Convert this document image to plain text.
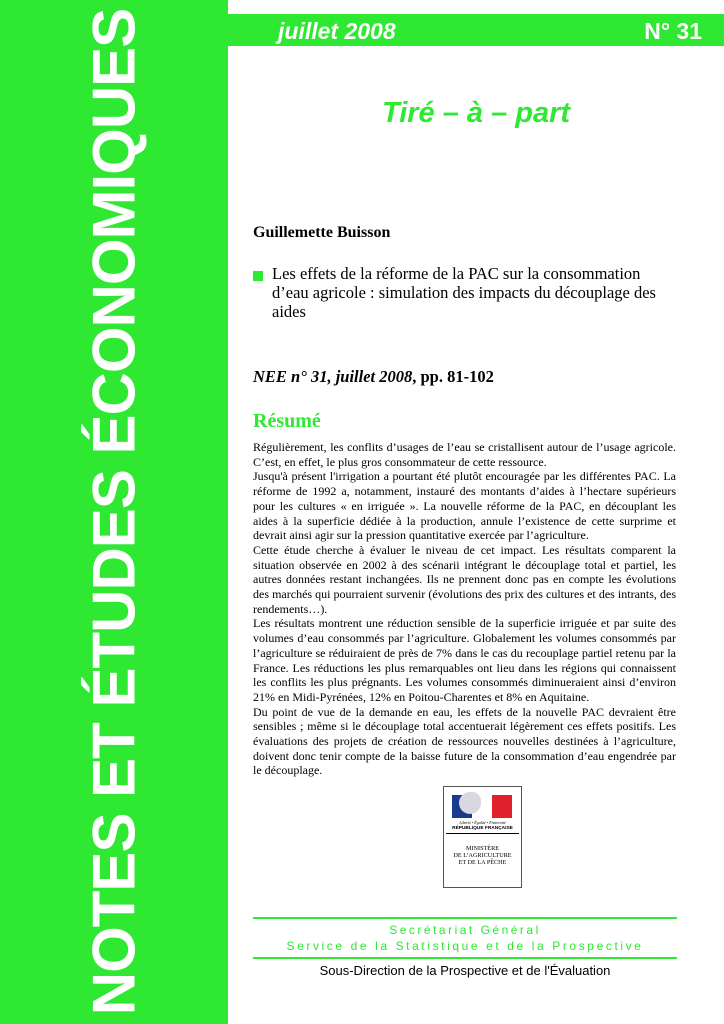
NOTES ET ÉTUDES ÉCONOMIQUES	juillet 2008	N° 31
Tiré – à – part
Guillemette Buisson
Les effets de la réforme de la PAC sur la consommation d’eau agricole : simulation des impacts du découplage des aides
NEE n° 31, juillet 2008, pp. 81-102
Résumé

Régulièrement, les conflits d’usages de l’eau se cristallisent autour de l’usage agricole. C’est, en effet, le plus gros consommateur de cette ressource.

Jusqu'à présent l'irrigation a pourtant été plutôt encouragée par les différentes PAC. La réforme de 1992 a, notamment, instauré des montants d’aides à l’hectare supérieurs pour les cultures « en irriguée ». La nouvelle réforme de la PAC, en découplant les aides à la superficie dédiée à la production, annule l’existence de cette surprime et devrait ainsi agir sur la pression quantitative exercée par l’agriculture.

Cette étude cherche à évaluer le niveau de cet impact. Les résultats comparent la situation observée en 2002 à des scénarii intégrant le découplage total et partiel, les autres données restant inchangées. Ils ne prennent donc pas en compte les évolutions des marchés qui pourraient survenir (évolutions des prix des cultures et des intrants, des rendements…).

Les résultats montrent une réduction sensible de la superficie irriguée et par suite des volumes d’eau consommés par l’agriculture. Globalement les volumes consommés par l’agriculture se réduiraient de près de 7% dans le cas du recouplage partiel retenu par la France. Les réductions les plus remarquables ont lieu dans les régions qui connaissent les conflits les plus prégnants. Les volumes consommés diminueraient ainsi d’environ 21% en Midi-Pyrénées, 12% en Poitou-Charentes et 8% en Aquitaine.

Du point de vue de la demande en eau, les effets de la nouvelle PAC devraient être sensibles ; même si le découplage total accentuerait légèrement ces effets positifs. Les évaluations des projets de création de ressources nouvelles destinées à l’agriculture, doivent donc tenir compte de la baisse future de la consommation d’eau engendrée par le découplage.

Liberté • Égalité • Fraternité
RÉPUBLIQUE FRANÇAISE
MINISTÈRE
DE L’AGRICULTURE
ET DE LA PÊCHE
Secrétariat Général
Service de la Statistique et de la Prospective
Sous-Direction de la Prospective et de l'Évaluation
